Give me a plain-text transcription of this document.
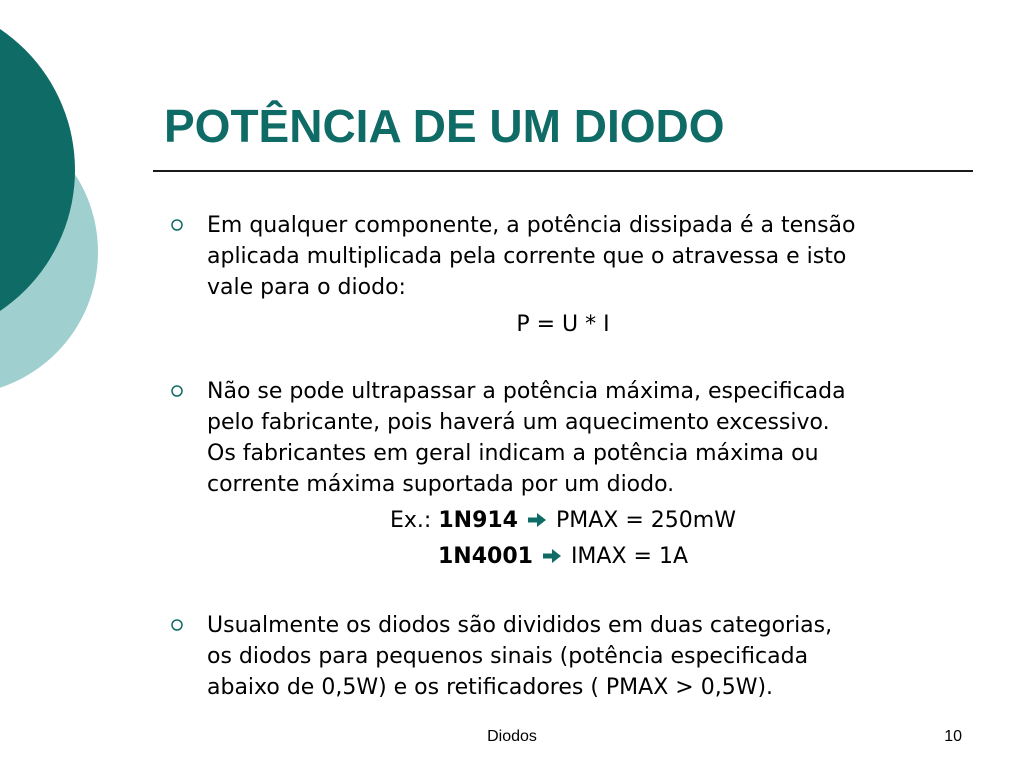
POTÊNCIA DE UM DIODO
Em qualquer componente, a potência dissipada é a tensão
aplicada multiplicada pela corrente que o atravessa e isto
vale para o diodo:
P = U * I
Não se pode ultrapassar a potência máxima, especificada
pelo fabricante, pois haverá um aquecimento excessivo.
Os fabricantes em geral indicam a potência máxima ou
corrente máxima suportada por um diodo.
Ex.: 1N914 PMAX = 250mW
1N4001 IMAX = 1A
Usualmente os diodos são divididos em duas categorias,
os diodos para pequenos sinais (potência especificada
abaixo de 0,5W) e os retificadores ( PMAX > 0,5W).
Diodos	10
